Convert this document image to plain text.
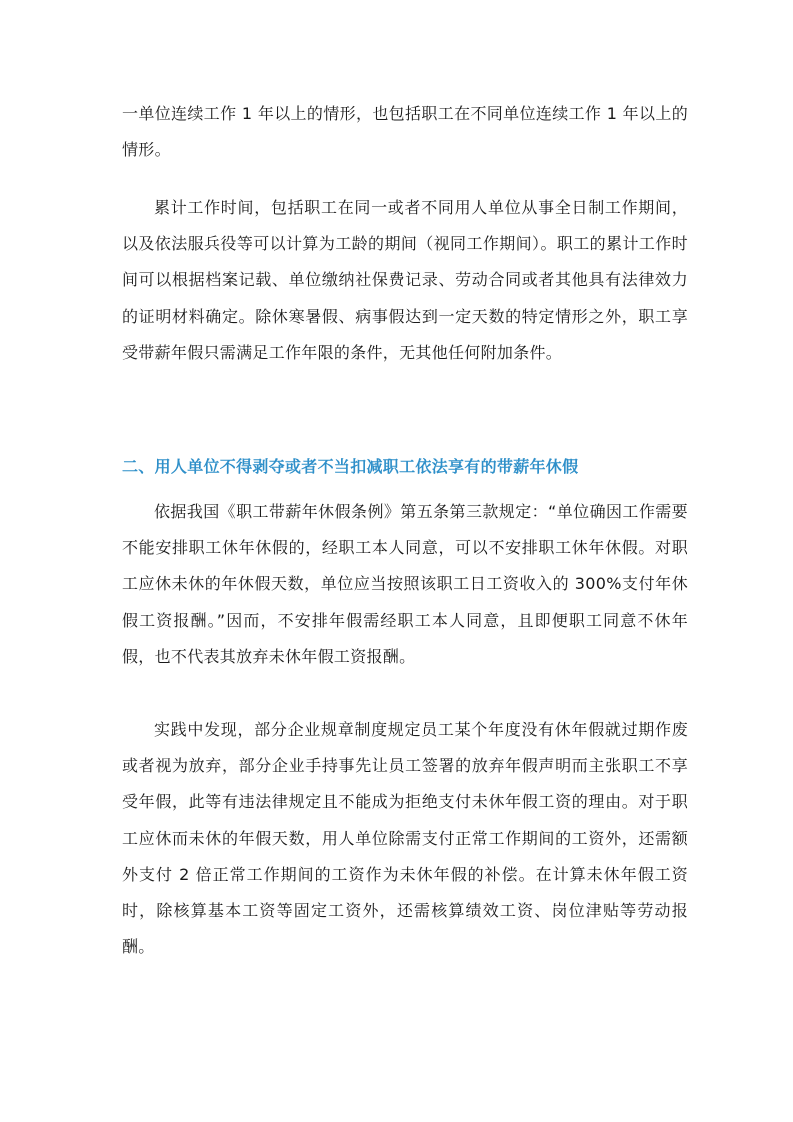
一单位连续工作 1 年以上的情形，也包括职工在不同单位连续工作 1 年以上的情形。

累计工作时间，包括职工在同一或者不同用人单位从事全日制工作期间，以及依法服兵役等可以计算为工龄的期间（视同工作期间）。职工的累计工作时间可以根据档案记载、单位缴纳社保费记录、劳动合同或者其他具有法律效力的证明材料确定。除休寒暑假、病事假达到一定天数的特定情形之外，职工享受带薪年假只需满足工作年限的条件，无其他任何附加条件。

二、用人单位不得剥夺或者不当扣减职工依法享有的带薪年休假

依据我国《职工带薪年休假条例》第五条第三款规定：“单位确因工作需要不能安排职工休年休假的，经职工本人同意，可以不安排职工休年休假。对职工应休未休的年休假天数，单位应当按照该职工日工资收入的 300%支付年休假工资报酬。”因而，不安排年假需经职工本人同意，且即便职工同意不休年假，也不代表其放弃未休年假工资报酬。

实践中发现，部分企业规章制度规定员工某个年度没有休年假就过期作废或者视为放弃，部分企业手持事先让员工签署的放弃年假声明而主张职工不享受年假，此等有违法律规定且不能成为拒绝支付未休年假工资的理由。对于职工应休而未休的年假天数，用人单位除需支付正常工作期间的工资外，还需额外支付 2 倍正常工作期间的工资作为未休年假的补偿。在计算未休年假工资时，除核算基本工资等固定工资外，还需核算绩效工资、岗位津贴等劳动报酬。
